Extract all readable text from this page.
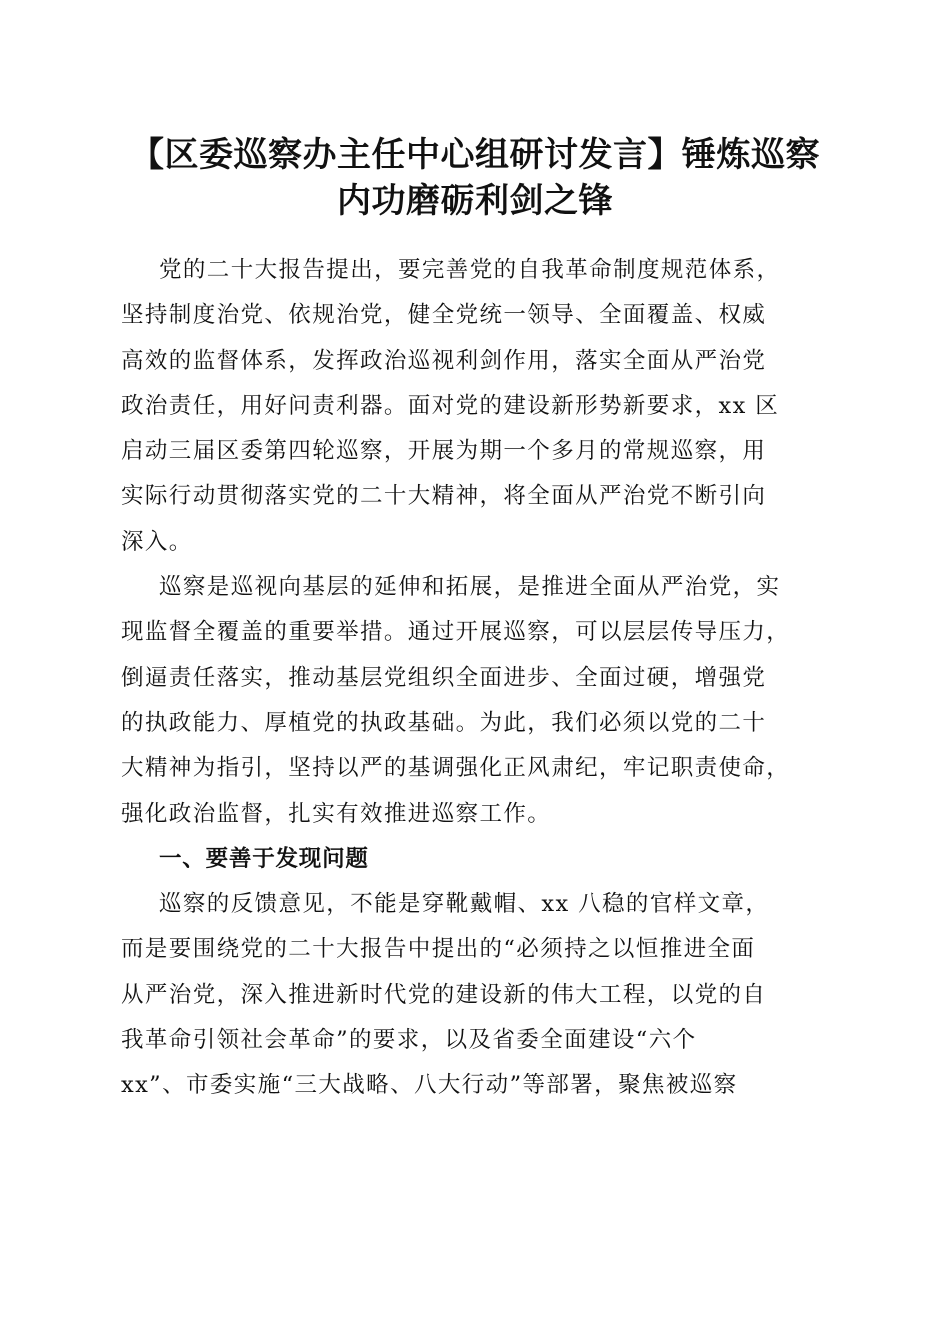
【区委巡察办主任中心组研讨发言】锤炼巡察
内功磨砺利剑之锋
党的二十大报告提出，要完善党的自我革命制度规范体系，
坚持制度治党、依规治党，健全党统一领导、全面覆盖、权威
高效的监督体系，发挥政治巡视利剑作用，落实全面从严治党
政治责任，用好问责利器。面对党的建设新形势新要求，xx 区
启动三届区委第四轮巡察，开展为期一个多月的常规巡察，用
实际行动贯彻落实党的二十大精神，将全面从严治党不断引向
深入。
巡察是巡视向基层的延伸和拓展，是推进全面从严治党，实
现监督全覆盖的重要举措。通过开展巡察，可以层层传导压力，
倒逼责任落实，推动基层党组织全面进步、全面过硬，增强党
的执政能力、厚植党的执政基础。为此，我们必须以党的二十
大精神为指引，坚持以严的基调强化正风肃纪，牢记职责使命，
强化政治监督，扎实有效推进巡察工作。
一、要善于发现问题
巡察的反馈意见，不能是穿靴戴帽、xx 八稳的官样文章，
而是要围绕党的二十大报告中提出的“必须持之以恒推进全面
从严治党，深入推进新时代党的建设新的伟大工程，以党的自
我革命引领社会革命”的要求，以及省委全面建设“六个
xx”、市委实施“三大战略、八大行动”等部署，聚焦被巡察
